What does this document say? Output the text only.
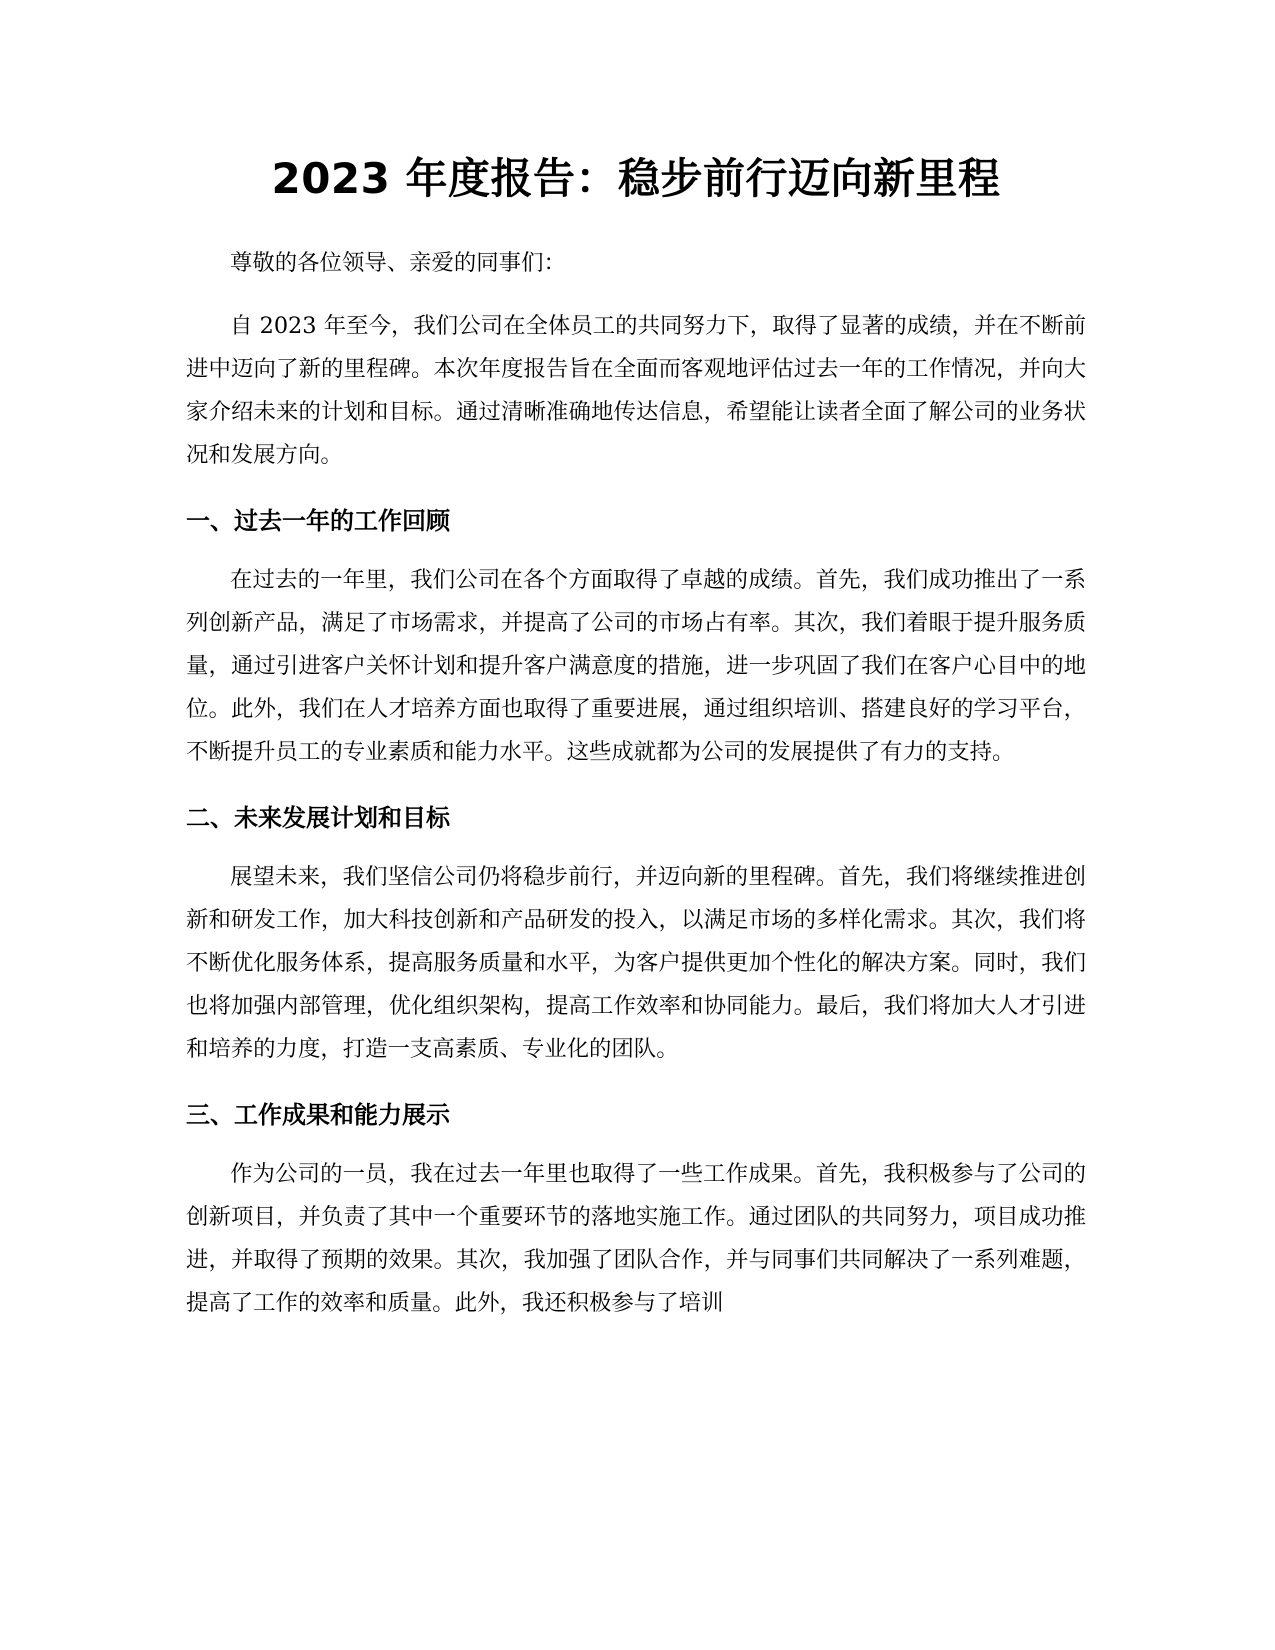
2023 年度报告：稳步前行迈向新里程

尊敬的各位领导、亲爱的同事们：

自 2023 年至今，我们公司在全体员工的共同努力下，取得了显著的成绩，并在不断前进中迈向了新的里程碑。本次年度报告旨在全面而客观地评估过去一年的工作情况，并向大家介绍未来的计划和目标。通过清晰准确地传达信息，希望能让读者全面了解公司的业务状况和发展方向。

一、过去一年的工作回顾

在过去的一年里，我们公司在各个方面取得了卓越的成绩。首先，我们成功推出了一系列创新产品，满足了市场需求，并提高了公司的市场占有率。其次，我们着眼于提升服务质量，通过引进客户关怀计划和提升客户满意度的措施，进一步巩固了我们在客户心目中的地位。此外，我们在人才培养方面也取得了重要进展，通过组织培训、搭建良好的学习平台，不断提升员工的专业素质和能力水平。这些成就都为公司的发展提供了有力的支持。

二、未来发展计划和目标

展望未来，我们坚信公司仍将稳步前行，并迈向新的里程碑。首先，我们将继续推进创新和研发工作，加大科技创新和产品研发的投入，以满足市场的多样化需求。其次，我们将不断优化服务体系，提高服务质量和水平，为客户提供更加个性化的解决方案。同时，我们也将加强内部管理，优化组织架构，提高工作效率和协同能力。最后，我们将加大人才引进和培养的力度，打造一支高素质、专业化的团队。

三、工作成果和能力展示

作为公司的一员，我在过去一年里也取得了一些工作成果。首先，我积极参与了公司的创新项目，并负责了其中一个重要环节的落地实施工作。通过团队的共同努力，项目成功推进，并取得了预期的效果。其次，我加强了团队合作，并与同事们共同解决了一系列难题，提高了工作的效率和质量。此外，我还积极参与了培训
